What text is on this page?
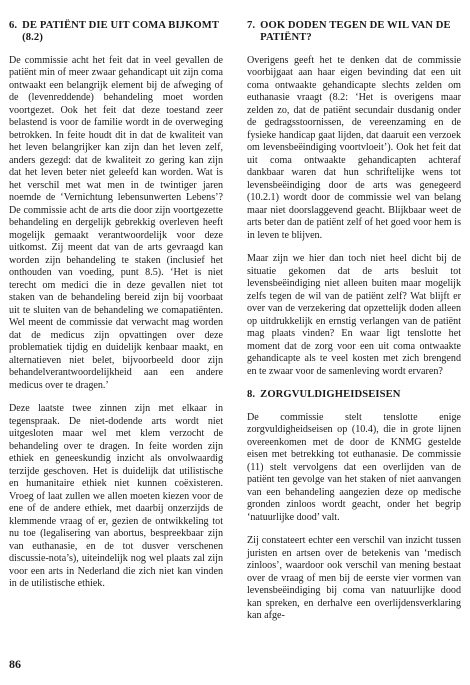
6. DE PATIËNT DIE UIT COMA BIJKOMT (8.2)

De commissie acht het feit dat in veel gevallen de patiënt min of meer zwaar gehandicapt uit zijn coma ontwaakt een belangrijk element bij de afweging of de (levenreddende) behandeling moet worden voortgezet. Ook het feit dat deze toestand zeer belastend is voor de familie wordt in de overweging betrokken. In feite houdt dit in dat de kwaliteit van het leven belangrijker kan zijn dan het leven zelf, anders gezegd: dat de kwaliteit zo gering kan zijn dat het leven beter niet geleefd kan worden. Wat is het verschil met wat men in de twintiger jaren noemde de ‘Vernichtung lebensunwerten Lebens’? De commissie acht de arts die door zijn voortgezette behandeling en dergelijk gebrekkig overleven heeft mogelijk gemaakt verantwoordelijk voor deze uitkomst. Zij meent dat van de arts gevraagd kan worden zijn behandeling te staken (inclusief het onthouden van voeding, punt 8.5). ‘Het is niet terecht om medici die in deze gevallen niet tot staken van de behandeling bereid zijn bij voorbaat uit te sluiten van de behandeling we comapatiënten. Wel meent de commissie dat verwacht mag worden dat de medicus zijn opvattingen over deze problematiek tijdig en duidelijk kenbaar maakt, en alternatieven niet belet, bijvoorbeeld door zijn behandelverantwoordelijkheid aan een andere medicus over te dragen.’

Deze laatste twee zinnen zijn met elkaar in tegenspraak. De niet-dodende arts wordt niet uitgesloten maar wel met klem verzocht de behandeling over te dragen. In feite worden zijn ethiek en geneeskundig inzicht als onvolwaardig terzijde geschoven. Het is duidelijk dat utilistische en humanitaire ethiek niet kunnen coëxisteren. Vroeg of laat zullen we allen moeten kiezen voor de ene of de andere ethiek, met daarbij onzerzijds de klemmende vraag of er, gezien de ontwikkeling tot nu toe (legalisering van abortus, bespreekbaar zijn van euthanasie, en de tot dusver verschenen discussie-nota’s), uiteindelijk nog wel plaats zal zijn voor een arts in Nederland die zich niet kan vinden in de utilistische ethiek.

7. OOK DODEN TEGEN DE WIL VAN DE PATIËNT?

Overigens geeft het te denken dat de commissie voorbijgaat aan haar eigen bevinding dat een uit coma ontwaakte gehandicapte slechts zelden om euthanasie vraagt (8.2: ‘Het is overigens maar zelden zo, dat de patiënt secundair dusdanig onder de gedragsstoornissen, de vereenzaming en de fysieke handicap gaat lijden, dat daaruit een verzoek om levensbeëindiging voortvloeit’). Ook het feit dat uit coma ontwaakte gehandicapten achteraf dankbaar waren dat hun schriftelijke wens tot levensbeëindiging door de arts was genegeerd (10.2.1) wordt door de commissie wel van belang maar niet doorslaggevend geacht. Blijkbaar weet de arts beter dan de patiënt zelf of het goed voor hem is in leven te blijven.

Maar zijn we hier dan toch niet heel dicht bij de situatie gekomen dat de arts besluit tot levensbeëindiging niet alleen buiten maar mogelijk zelfs tegen de wil van de patiënt zelf? Wat blijft er over van de verzekering dat opzettelijk doden alleen op uitdrukkelijk en ernstig verlangen van de patiënt mag plaats vinden? En waar ligt tenslotte het moment dat de zorg voor een uit coma ontwaakte gehandicapte als te veel kosten met zich brengend en te zwaar voor de samenleving wordt ervaren?

8. ZORGVULDIGHEIDSEISEN

De commissie stelt tenslotte enige zorgvuldigheidseisen op (10.4), die in grote lijnen overeenkomen met de door de KNMG gestelde eisen met betrekking tot euthanasie. De commissie (11) stelt vervolgens dat een overlijden van de patiënt ten gevolge van het staken of niet aanvangen van een behandeling aangezien deze op medische gronden zinloos wordt geacht, onder het begrip ‘natuurlijke dood’ valt.

Zij constateert echter een verschil van inzicht tussen juristen en artsen over de betekenis van ‘medisch zinloos’, waardoor ook verschil van mening bestaat over de vraag of men bij de eerste vier vormen van levensbeëindiging bij coma van natuurlijke dood kan spreken, en derhalve een overlijdensverklaring kan afge-

86
